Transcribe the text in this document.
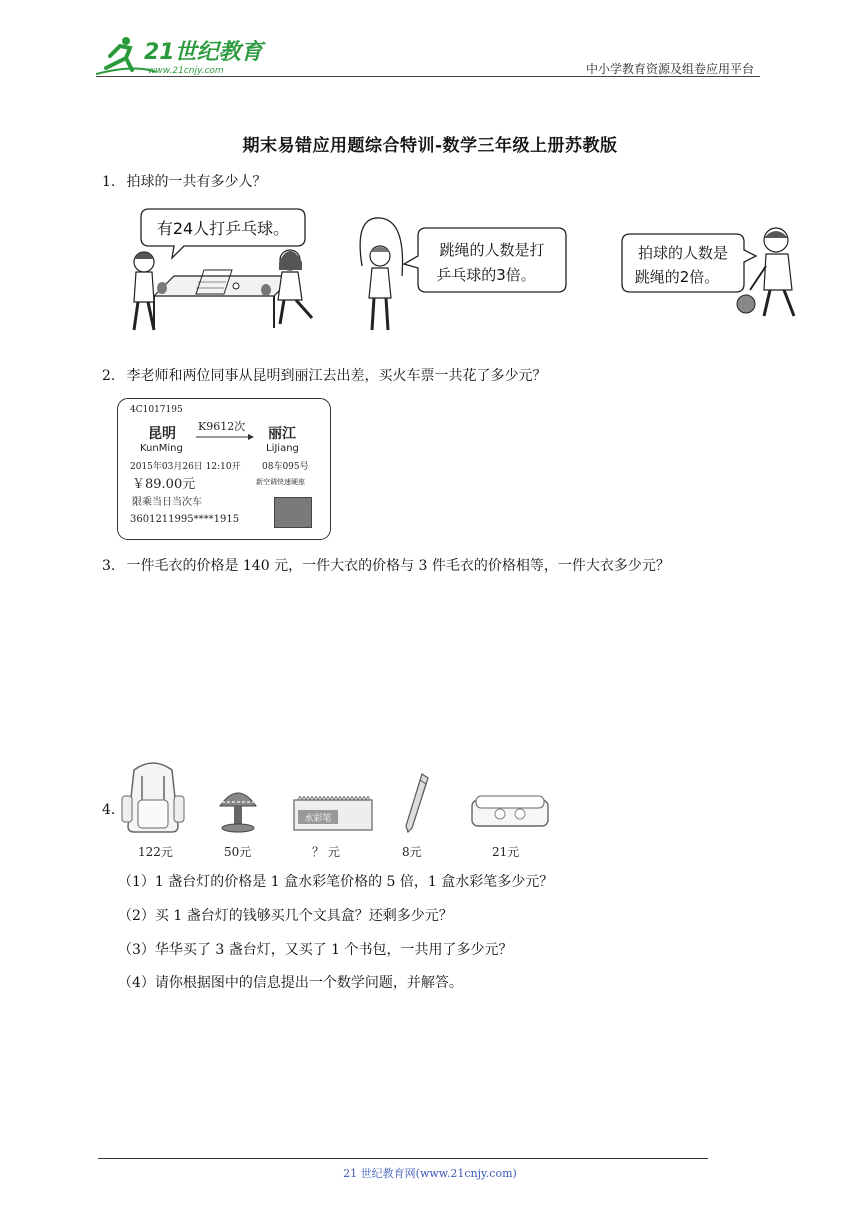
21世纪教育
www.21cnjy.com	中小学教育资源及组卷应用平台
期末易错应用题综合特训-数学三年级上册苏教版
1. 拍球的一共有多少人？
有24人打乒乓球。
跳绳的人数是打
乒乓球的3倍。
拍球的人数是
跳绳的2倍。
2. 李老师和两位同事从昆明到丽江去出差，买火车票一共花了多少元？
4C1017195
昆明 K9612次 丽江
KunMing	LiJiang
2015年03月26日 12:10开 08车095号
￥89.00元	新空调快速硬座
限乘当日当次车
3601211995****1915
3. 一件毛衣的价格是 140 元，一件大衣的价格与 3 件毛衣的价格相等，一件大衣多少元？
4.
水彩笔
122元	50元	？ 元	8元	21元
（1）1 盏台灯的价格是 1 盒水彩笔价格的 5 倍，1 盒水彩笔多少元？
（2）买 1 盏台灯的钱够买几个文具盒？还剩多少元？
（3）华华买了 3 盏台灯，又买了 1 个书包，一共用了多少元？
（4）请你根据图中的信息提出一个数学问题，并解答。
21 世纪教育网(www.21cnjy.com)
